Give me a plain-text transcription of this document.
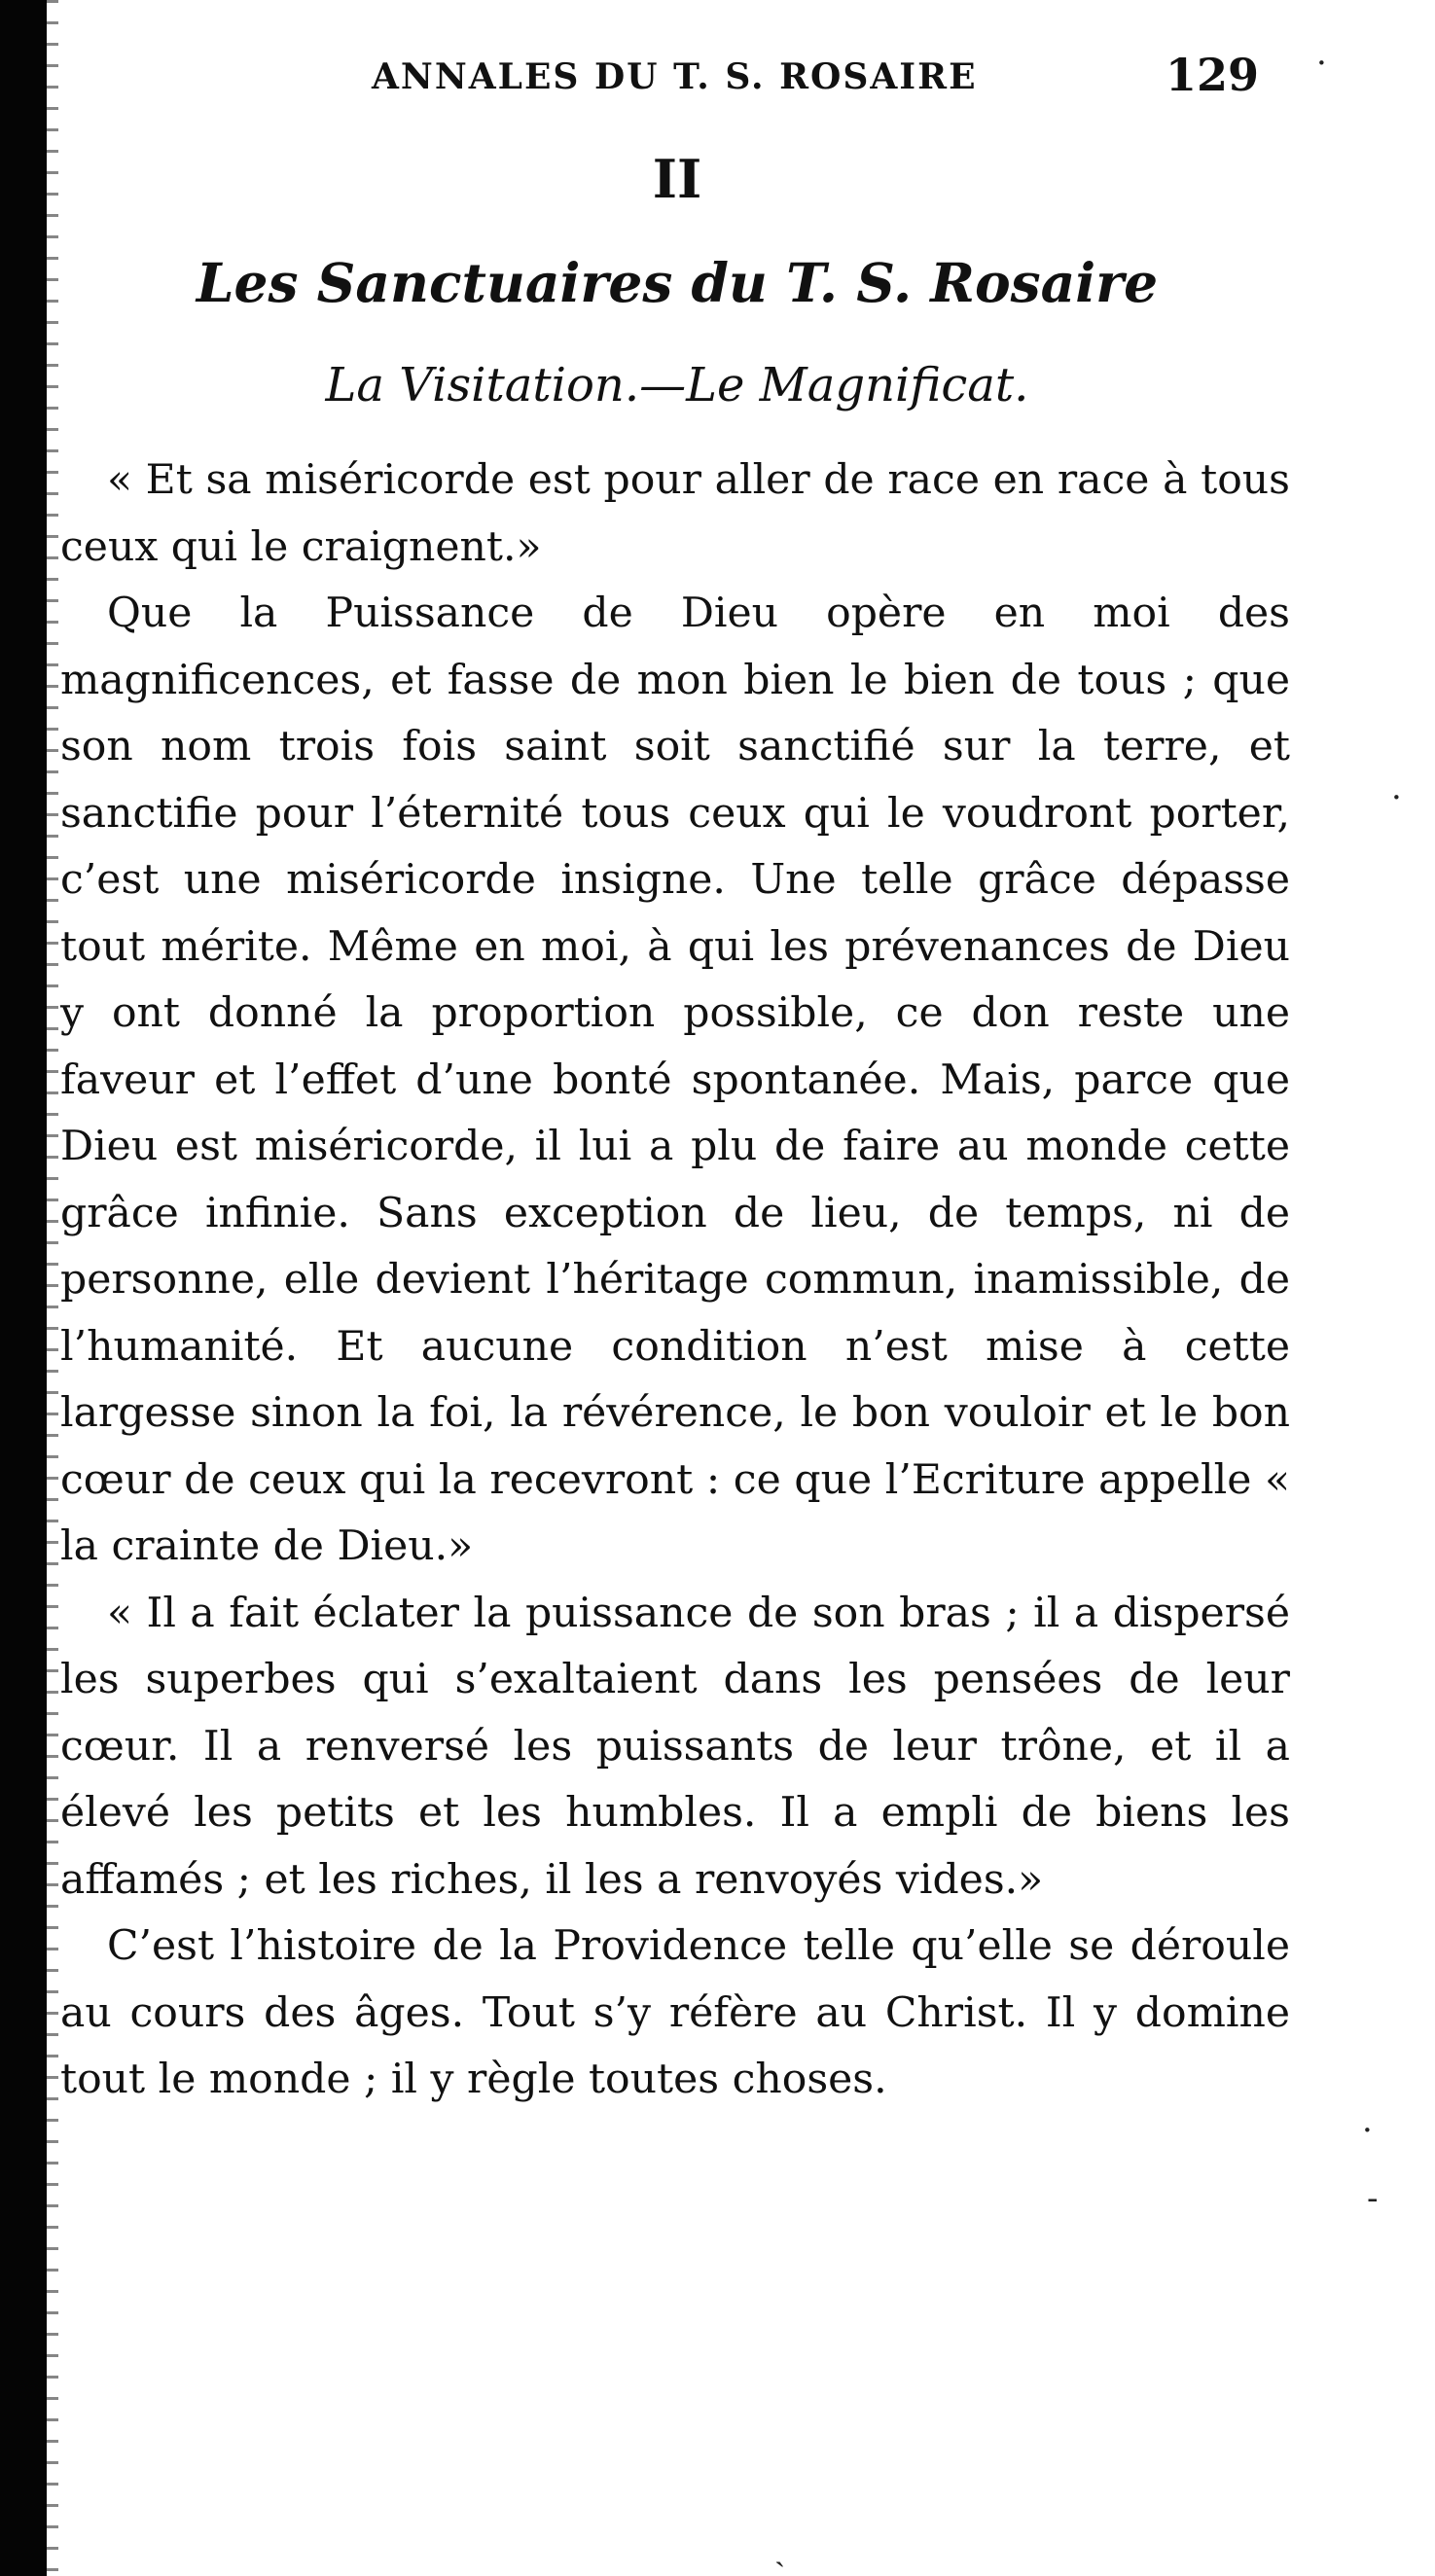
ANNALES DU T. S. ROSAIRE	129
II
Les Sanctuaires du T. S. Rosaire
La Visitation.—Le Magnificat.

« Et sa miséricorde est pour aller de race en race à tous ceux qui le craignent.»

Que la Puissance de Dieu opère en moi des magnificences, et fasse de mon bien le bien de tous ; que son nom trois fois saint soit sanctifié sur la terre, et sanctifie pour l’éternité tous ceux qui le voudront porter, c’est une miséricorde insigne. Une telle grâce dépasse tout mérite. Même en moi, à qui les prévenances de Dieu y ont donné la proportion possible, ce don reste une faveur et l’effet d’une bonté spontanée. Mais, parce que Dieu est miséricorde, il lui a plu de faire au monde cette grâce infinie. Sans exception de lieu, de temps, ni de personne, elle devient l’héritage commun, inamissible, de l’humanité. Et aucune condition n’est mise à cette largesse sinon la foi, la révérence, le bon vouloir et le bon cœur de ceux qui la recevront : ce que l’Ecriture appelle « la crainte de Dieu.»

« Il a fait éclater la puissance de son bras ; il a dispersé les superbes qui s’exaltaient dans les pensées de leur cœur. Il a renversé les puissants de leur trône, et il a élevé les petits et les humbles. Il a empli de biens les affamés ; et les riches, il les a renvoyés vides.»

C’est l’histoire de la Providence telle qu’elle se déroule au cours des âges. Tout s’y réfère au Christ. Il y domine tout le monde ; il y règle toutes choses.

·
·
·
-
ˏ
